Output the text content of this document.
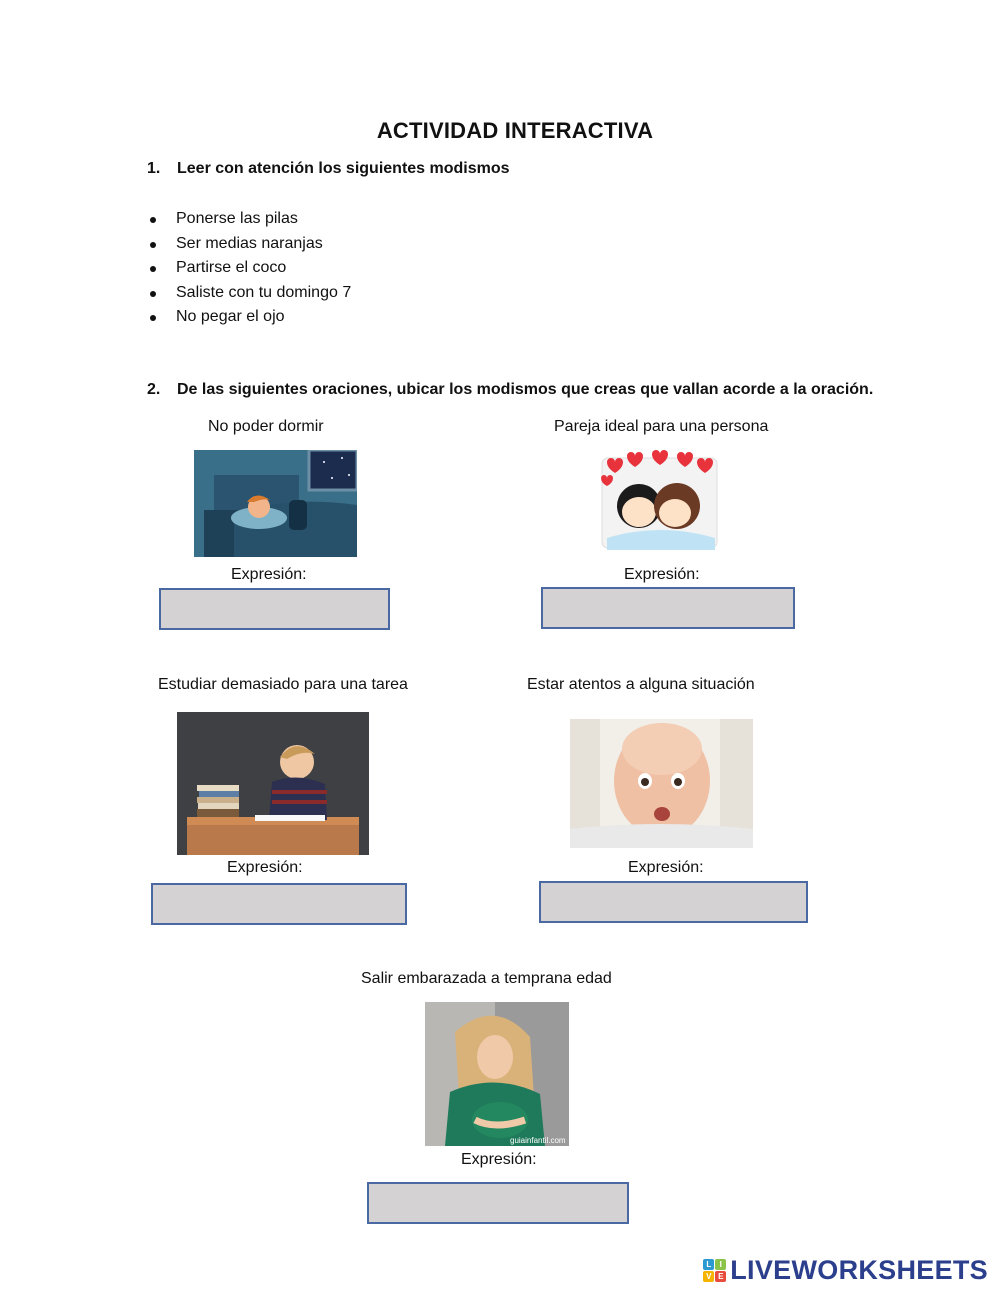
ACTIVIDAD INTERACTIVA
1. Leer con atención los siguientes modismos
Ponerse las pilas
Ser medias naranjas
Partirse el coco
Saliste con tu domingo 7
No pegar el ojo
2. De las siguientes oraciones, ubicar los modismos que creas que vallan acorde a la oración.
No poder dormir
Expresión:
Pareja ideal para una persona
Expresión:
Estudiar demasiado para una tarea
Expresión:
Estar atentos a alguna situación
Expresión:
Salir embarazada a temprana edad
guiainfantil.com
Expresión:
L	I
V E LIVEWORKSHEETS
